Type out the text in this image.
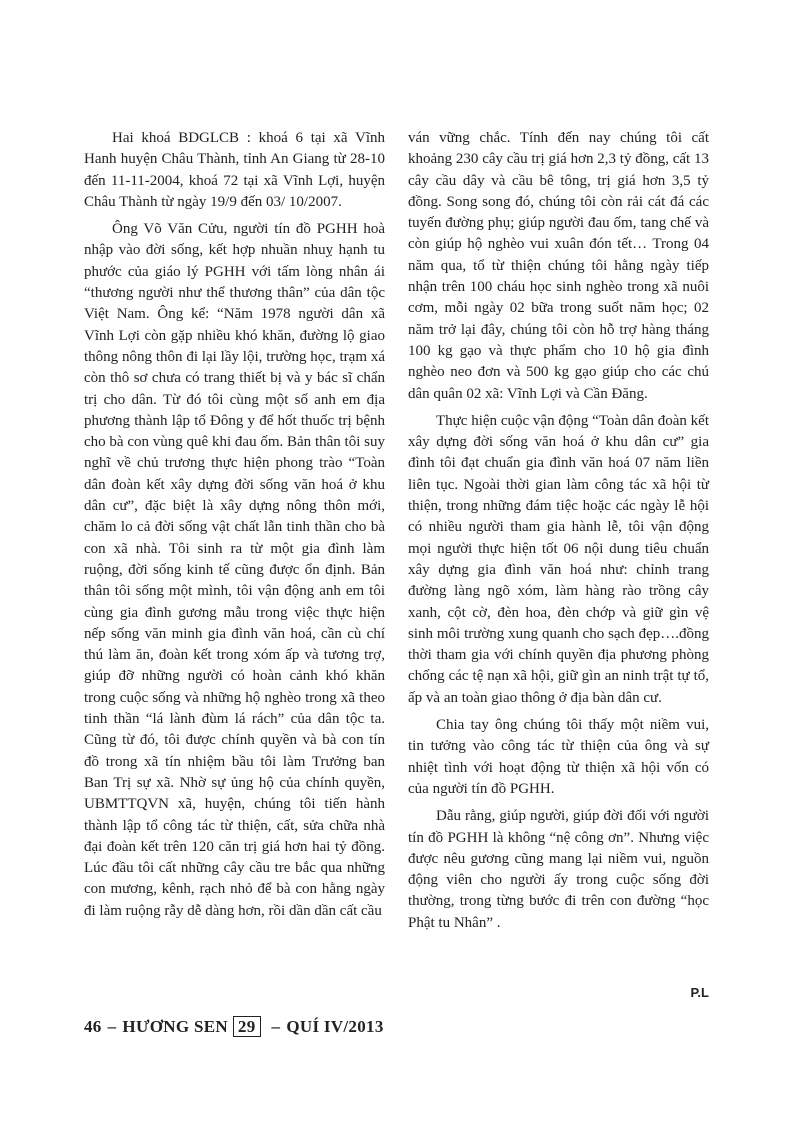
Hai khoá BDGLCB : khoá 6 tại xã Vĩnh Hanh huyện Châu Thành, tỉnh An Giang từ 28-10 đến 11-11-2004, khoá 72 tại xã Vĩnh Lợi, huyện Châu Thành từ ngày 19/9 đến 03/ 10/2007.

Ông Võ Văn Cửu, người tín đồ PGHH hoà nhập vào đời sống, kết hợp nhuần nhuỵ hạnh tu phước của giáo lý PGHH với tấm lòng nhân ái “thương người như thể thương thân” của dân tộc Việt Nam. Ông kể: “Năm 1978 người dân xã Vĩnh Lợi còn gặp nhiều khó khăn, đường lộ giao thông nông thôn đi lại lầy lội, trường học, trạm xá còn thô sơ chưa có trang thiết bị và y bác sĩ chẩn trị cho dân. Từ đó tôi cùng một số anh em địa phương thành lập tổ Đông y để hốt thuốc trị bệnh cho bà con vùng quê khi đau ốm. Bản thân tôi suy nghĩ về chủ trương thực hiện phong trào “Toàn dân đoàn kết xây dựng đời sống văn hoá ở khu dân cư”, đặc biệt là xây dựng nông thôn mới, chăm lo cả đời sống vật chất lẫn tinh thần cho bà con xã nhà. Tôi sinh ra từ một gia đình làm ruộng, đời sống kinh tế cũng được ổn định. Bản thân tôi sống một mình, tôi vận động anh em tôi cùng gia đình gương mẫu trong việc thực hiện nếp sống văn minh gia đình văn hoá, cần cù chí thú làm ăn, đoàn kết trong xóm ấp và tương trợ, giúp đỡ những người có hoàn cảnh khó khăn trong cuộc sống và những hộ nghèo trong xã theo tinh thần “lá lành đùm lá rách” của dân tộc ta. Cũng từ đó, tôi được chính quyền và bà con tín đồ trong xã tín nhiệm bầu tôi làm Trưởng ban Ban Trị sự xã. Nhờ sự ủng hộ của chính quyền, UBMTTQVN xã, huyện, chúng tôi tiến hành thành lập tổ công tác từ thiện, cất, sửa chữa nhà đại đoàn kết trên 120 căn trị giá hơn hai tỷ đồng. Lúc đầu tôi cất những cây cầu tre bắc qua những con mương, kênh, rạch nhỏ để bà con hằng ngày đi làm ruộng rẫy dễ dàng hơn, rồi dần dần cất cầu

ván vững chắc. Tính đến nay chúng tôi cất khoảng 230 cây cầu trị giá hơn 2,3 tỷ đồng, cất 13 cây cầu dây và cầu bê tông, trị giá hơn 3,5 tỷ đồng. Song song đó, chúng tôi còn rải cát đá các tuyến đường phụ; giúp người đau ốm, tang chế và còn giúp hộ nghèo vui xuân đón tết… Trong 04 năm qua, tổ từ thiện chúng tôi hằng ngày tiếp nhận trên 100 cháu học sinh nghèo trong xã nuôi cơm, mỗi ngày 02 bữa trong suốt năm học; 02 năm trở lại đây, chúng tôi còn hỗ trợ hàng tháng 100 kg gạo và thực phẩm cho 10 hộ gia đình nghèo neo đơn và 500 kg gạo giúp cho các chú dân quân 02 xã: Vĩnh Lợi và Cần Đăng.

Thực hiện cuộc vận động “Toàn dân đoàn kết xây dựng đời sống văn hoá ở khu dân cư” gia đình tôi đạt chuẩn gia đình văn hoá 07 năm liền liên tục. Ngoài thời gian làm công tác xã hội từ thiện, trong những đám tiệc hoặc các ngày lễ hội có nhiều người tham gia hành lễ, tôi vận động mọi người thực hiện tốt 06 nội dung tiêu chuẩn xây dựng gia đình văn hoá như: chỉnh trang đường làng ngõ xóm, làm hàng rào trồng cây xanh, cột cờ, đèn hoa, đèn chớp và giữ gìn vệ sinh môi trường xung quanh cho sạch đẹp….đồng thời tham gia với chính quyền địa phương phòng chống các tệ nạn xã hội, giữ gìn an ninh trật tự tổ, ấp và an toàn giao thông ở địa bàn dân cư.

Chia tay ông chúng tôi thấy một niềm vui, tin tưởng vào công tác từ thiện của ông và sự nhiệt tình với hoạt động từ thiện xã hội vốn có của người tín đồ PGHH.

Dẫu rằng, giúp người, giúp đời đối với người tín đồ PGHH là không “nệ công ơn”. Nhưng việc được nêu gương cũng mang lại niềm vui, nguồn động viên cho người ấy trong cuộc sống đời thường, trong từng bước đi trên con đường “học Phật tu Nhân” .

P.L
46 – HƯƠNG SEN 29 – QUÍ IV/2013
